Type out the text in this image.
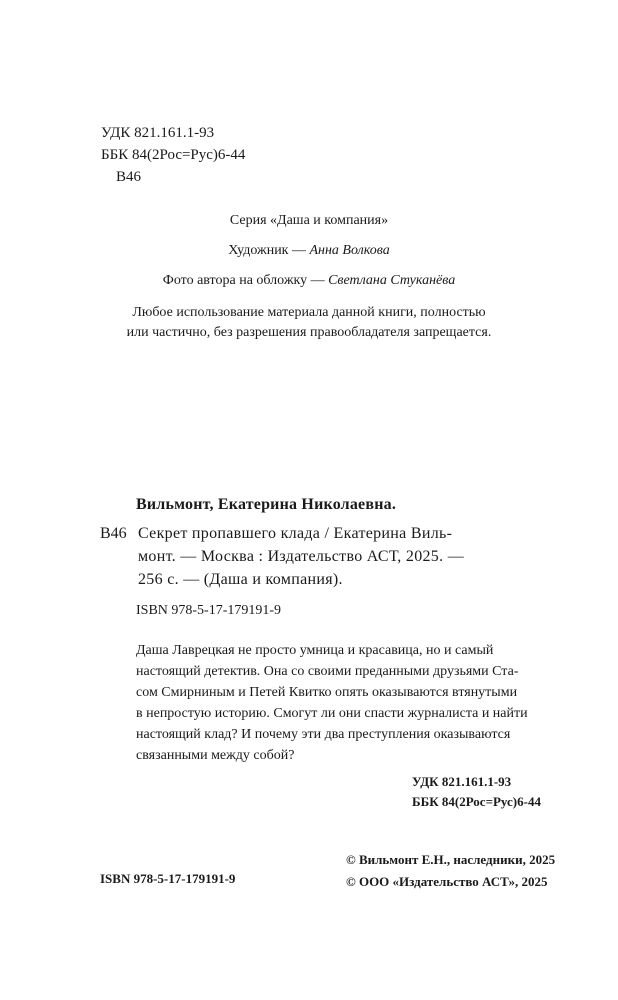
УДК 821.161.1-93
ББК 84(2Рос=Рус)6-44
В46
Серия «Даша и компания»
Художник — Анна Волкова
Фото автора на обложку — Светлана Стуканёва
Любое использование материала данной книги, полностью
или частично, без разрешения правообладателя запрещается.
Вильмонт, Екатерина Николаевна.
В46 Секрет пропавшего клада / Екатерина Виль-
монт. — Москва : Издательство АСТ, 2025. —
256 с. — (Даша и компания).
ISBN 978-5-17-179191-9
Даша Лаврецкая не просто умница и красавица, но и самый
настоящий детектив. Она со своими преданными друзьями Ста-
сом Смирниным и Петей Квитко опять оказываются втянутыми
в непростую историю. Смогут ли они спасти журналиста и найти
настоящий клад? И почему эти два преступления оказываются
связанными между собой?
УДК 821.161.1-93
ББК 84(2Рос=Рус)6-44
© Вильмонт Е.Н., наследники, 2025
© ООО «Издательство АСТ», 2025
ISBN 978-5-17-179191-9
